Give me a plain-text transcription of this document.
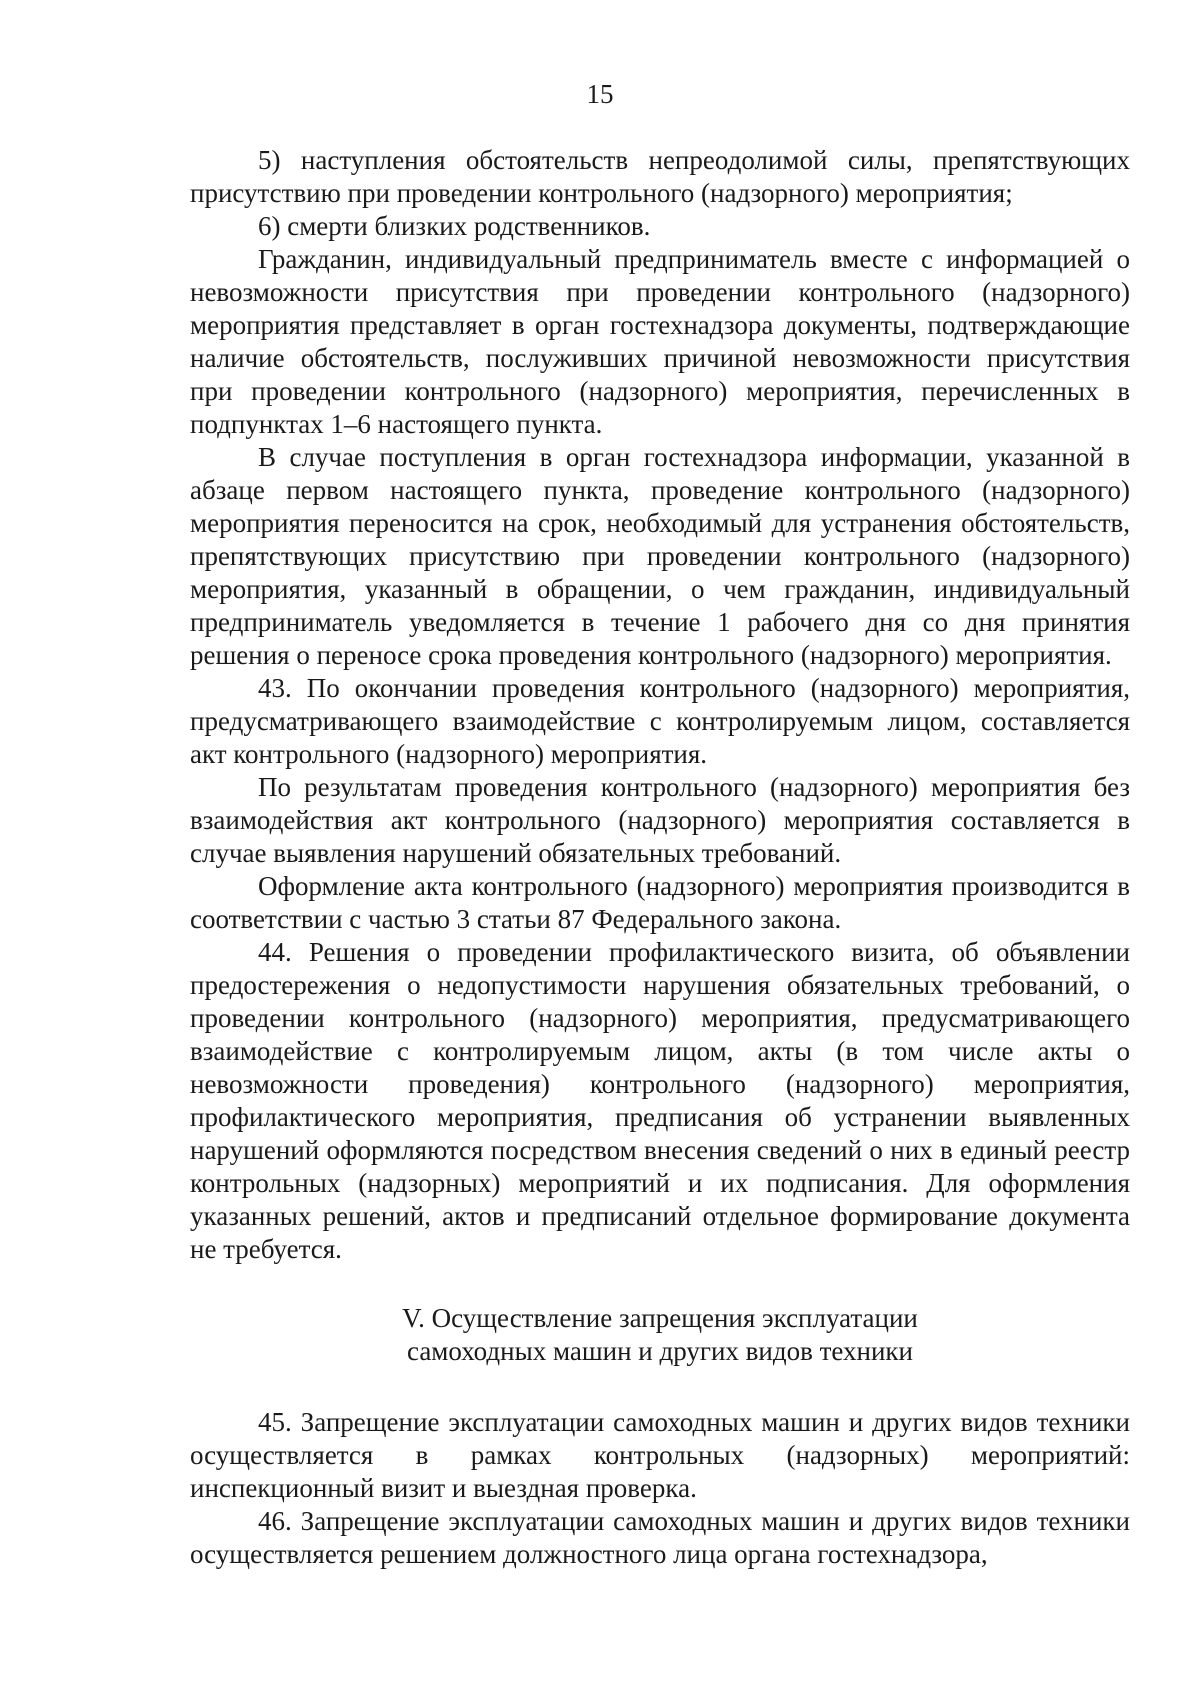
15

5) наступления обстоятельств непреодолимой силы, препятствующих присутствию при проведении контрольного (надзорного) мероприятия;

6) смерти близких родственников.

Гражданин, индивидуальный предприниматель вместе с информацией о невозможности присутствия при проведении контрольного (надзорного) мероприятия представляет в орган гостехнадзора документы, подтверждающие наличие обстоятельств, послуживших причиной невозможности присутствия при проведении контрольного (надзорного) мероприятия, перечисленных в подпунктах 1–6 настоящего пункта.

В случае поступления в орган гостехнадзора информации, указанной в абзаце первом настоящего пункта, проведение контрольного (надзорного) мероприятия переносится на срок, необходимый для устранения обстоятельств, препятствующих присутствию при проведении контрольного (надзорного) мероприятия, указанный в обращении, о чем гражданин, индивидуальный предприниматель уведомляется в течение 1 рабочего дня со дня принятия решения о переносе срока проведения контрольного (надзорного) мероприятия.

43. По окончании проведения контрольного (надзорного) мероприятия, предусматривающего взаимодействие с контролируемым лицом, составляется акт контрольного (надзорного) мероприятия.

По результатам проведения контрольного (надзорного) мероприятия без взаимодействия акт контрольного (надзорного) мероприятия составляется в случае выявления нарушений обязательных требований.

Оформление акта контрольного (надзорного) мероприятия производится в соответствии с частью 3 статьи 87 Федерального закона.

44. Решения о проведении профилактического визита, об объявлении предостережения о недопустимости нарушения обязательных требований, о проведении контрольного (надзорного) мероприятия, предусматривающего взаимодействие с контролируемым лицом, акты (в том числе акты о невозможности проведения) контрольного (надзорного) мероприятия, профилактического мероприятия, предписания об устранении выявленных нарушений оформляются посредством внесения сведений о них в единый реестр контрольных (надзорных) мероприятий и их подписания. Для оформления указанных решений, актов и предписаний отдельное формирование документа не требуется.

V. Осуществление запрещения эксплуатации
самоходных машин и других видов техники

45. Запрещение эксплуатации самоходных машин и других видов техники осуществляется в рамках контрольных (надзорных) мероприятий: инспекционный визит и выездная проверка.

46. Запрещение эксплуатации самоходных машин и других видов техники осуществляется решением должностного лица органа гостехнадзора,
